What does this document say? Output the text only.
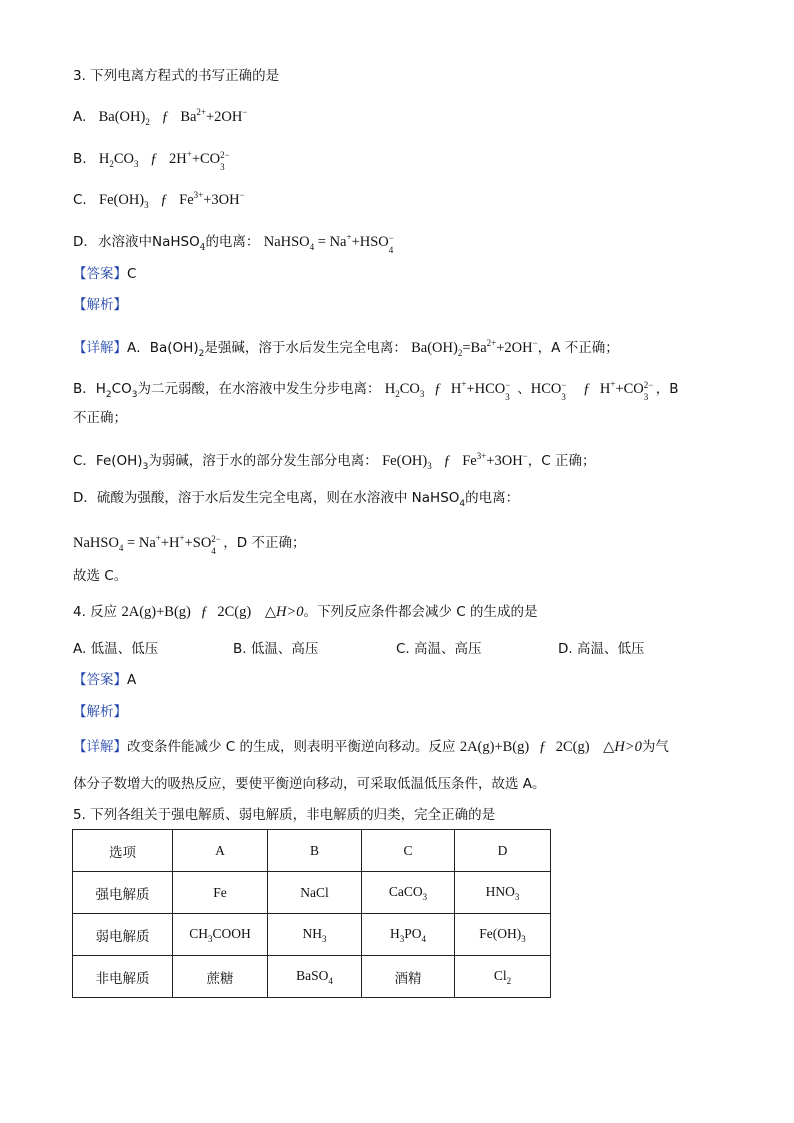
3. 下列电离方程式的书写正确的是
A. $Ba(OH)_2$ ƒ $Ba^{2+}+2OH^-$
B. $H_2CO_3$ ƒ 2H++CO 2−
3
C. $Fe(OH)_3$ ƒ $Fe^{3+}+3OH^-$
D. 水溶液中NaHSO$_4$的电离： NaHSO$_4$ = Na++HSO −
4
【答案】C
【解析】
【详解】A．$Ba(OH)_2$是强碱，溶于水后发生完全电离： $Ba(OH)_2=Ba^{2+}+2OH^-$，A 不正确；
B．$H_2CO_3$为二元弱酸，在水溶液中发生分步电离： $H_2CO_3$ ƒ H++HCO −
3 、HCO −
3 ƒ H++CO 2−
3 ，B
不正确；
C．$Fe(OH)_3$为弱碱，溶于水的部分发生部分电离： $Fe(OH)_3$ ƒ $Fe^{3+}+3OH^-$，C 正确；
D．硫酸为强酸，溶于水后发生完全电离，则在水溶液中 NaHSO$_4$的电离：
NaHSO$_4$ = Na++H++SO 2−
4 ，D 不正确；
故选 C。
4. 反应 2A(g)+B(g) ƒ 2C(g) △H>0。下列反应条件都会减少 C 的生成的是
A. 低温、低压	B. 低温、高压	C. 高温、高压	D. 高温、低压
【答案】A
【解析】
【详解】改变条件能减少 C 的生成，则表明平衡逆向移动。反应 2A(g)+B(g) ƒ 2C(g) △H>0为气
体分子数增大的吸热反应，要使平衡逆向移动，可采取低温低压条件，故选 A。
5. 下列各组关于强电解质、弱电解质，非电解质的归类，完全正确的是
选项	A	B	C	D
强电解质	Fe	NaCl	CaCO$_3$	$HNO_3$
弱电解质	$CH_3COOH$	$NH_3$	$H_3PO_4$	$Fe(OH)_3$
非电解质	蔗糖	BaSO$_4$	酒精	$Cl_2$
